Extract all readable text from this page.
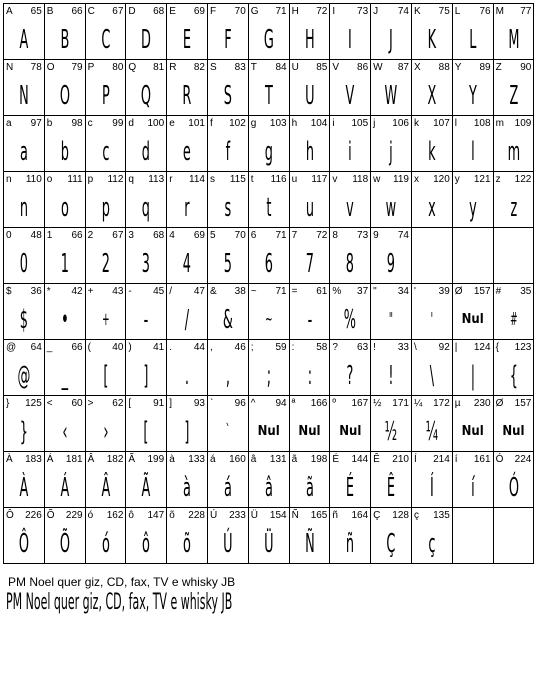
A 65
A
B 66
B
C 67
C
D 68
D
E 69
E
F 70
F
G 71
G
H 72
H
I 73
I
J 74
J
K 75
K
L 76
L
M 77
M
N 78
N
O 79
O
P 80
P
Q 81
Q
R 82
R
S 83
S
T 84
T
U 85
U
V 86
V
W 87
W
X 88
X
Y 89
Y
Z 90
Z
a 97
a
b 98
b
c 99
c
d 100
d
e 101
e
f 102
f
g 103
g
h 104
h
i 105
i
j 106
j
k 107
k
l 108
l
m 109
m
n 110
n
o 111
o
p 112
p
q 113
q
r 114
r
s 115
s
t 116
t
u 117
u
v 118
v
w 119
w
x 120
x
y 121
y
z 122
z
0 48
0
1 66
1
2 67
2
3 68
3
4 69
4
5 70
5
6 71
6
7 72
7
8 73
8
9 74
9
$ 36
$
* 42
•
+ 43
+
- 45
-
/ 47
/
& 38
&
~ 71
~
= 61
-
% 37
%
" 34
"
' 39
'
Ø 157
Nul
# 35
#
@ 64
@
_ 66
_
( 40
[
) 41
]
. 44
.
, 46
,
; 59
;
: 58
:
? 63
?
! 33
!
\ 92
\
| 124
|
{ 123
{
} 125
}
< 60
‹
> 62
›
[ 91
[
] 93
]
` 96
`
^ 94
Nul
ª 166
Nul
º 167
Nul
½ 171
½
¼ 172
¼
µ 230
Nul
Ø 157
Nul
À 183
À
Á 181
Á
Â 182
Â
Ã 199
Ã
à 133
à
á 160
á
â 131
â
ã 198
ã
É 144
É
Ê 210
Ê
Í 214
Í
í 161
í
Ó 224
Ó
Ô 226
Ô
Õ 229
Õ
ó 162
ó
ô 147
ô
õ 228
õ
Ú 233
Ú
Ü 154
Ü
Ñ 165
Ñ
ñ 164
ñ
Ç 128
Ç
ç 135
ç
PM Noel quer giz, CD, fax, TV e whisky JB
PM Noel quer giz, CD, fax, TV e whisky JB
